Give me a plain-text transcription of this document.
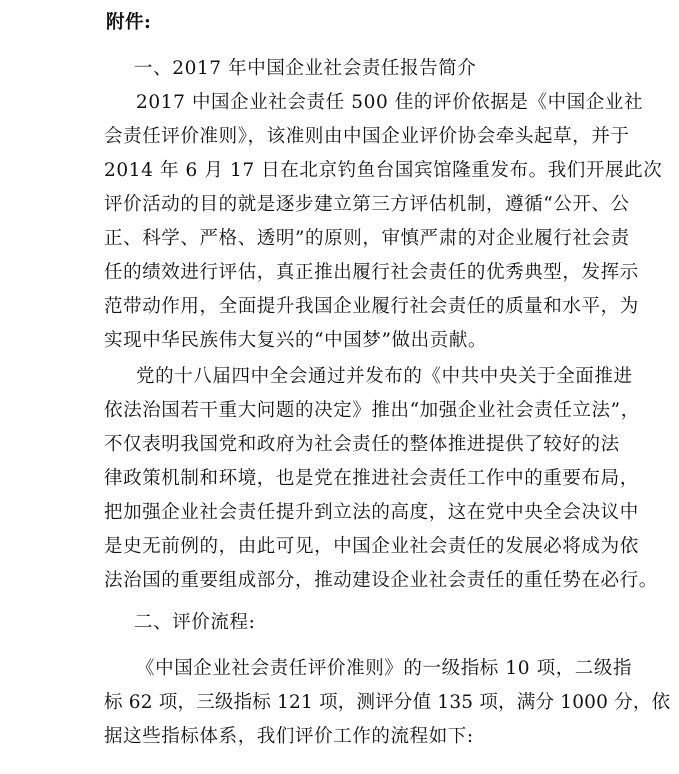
附件:
一、2017 年中国企业社会责任报告简介
2017 中国企业社会责任 500 佳的评价依据是《中国企业社
会责任评价准则》，该准则由中国企业评价协会牵头起草，并于
2014 年 6 月 17 日在北京钓鱼台国宾馆隆重发布。我们开展此次
评价活动的目的就是逐步建立第三方评估机制，遵循“公开、公
正、科学、严格、透明”的原则，审慎严肃的对企业履行社会责
任的绩效进行评估，真正推出履行社会责任的优秀典型，发挥示
范带动作用，全面提升我国企业履行社会责任的质量和水平，为
实现中华民族伟大复兴的“中国梦”做出贡献。
党的十八届四中全会通过并发布的《中共中央关于全面推进
依法治国若干重大问题的决定》推出“加强企业社会责任立法”，
不仅表明我国党和政府为社会责任的整体推进提供了较好的法
律政策机制和环境，也是党在推进社会责任工作中的重要布局，
把加强企业社会责任提升到立法的高度，这在党中央全会决议中
是史无前例的，由此可见，中国企业社会责任的发展必将成为依
法治国的重要组成部分，推动建设企业社会责任的重任势在必行。
二、评价流程:
《中国企业社会责任评价准则》的一级指标 10 项，二级指
标 62 项，三级指标 121 项，测评分值 135 项，满分 1000 分，依
据这些指标体系，我们评价工作的流程如下:
